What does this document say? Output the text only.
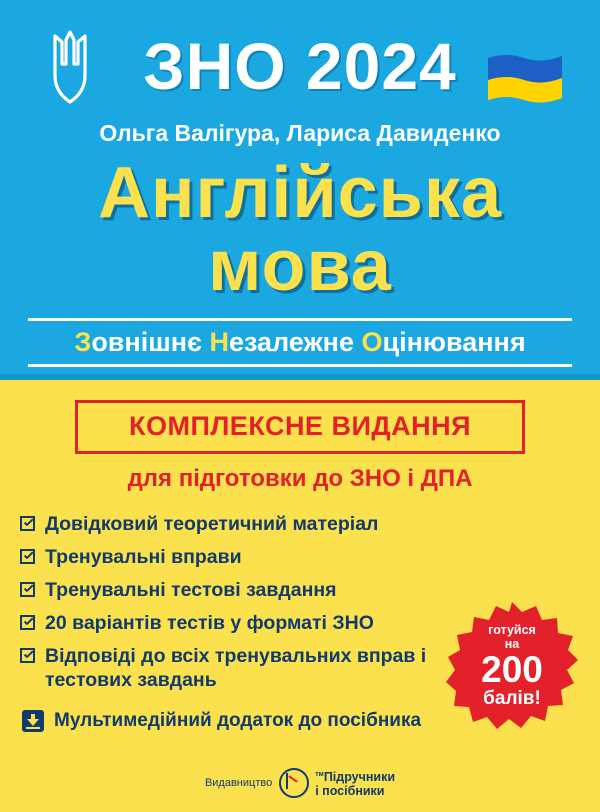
ЗНО 2024
Ольга Валігура, Лариса Давиденко
Англійська
мова
Зовнішнє Незалежне Оцінювання
КОМПЛЕКСНЕ ВИДАННЯ
для підготовки до ЗНО і ДПА
Довідковий теоретичний матеріал
Тренувальні вправи
Тренувальні тестові завдання
20 варіантів тестів у форматі ЗНО
Відповіді до всіх тренувальних вправ і тестових завдань
Мультимедійний додаток до посібника
готуйся
на
200
балів!
Видавництво
$^{тм}$Підручники
і посібники
